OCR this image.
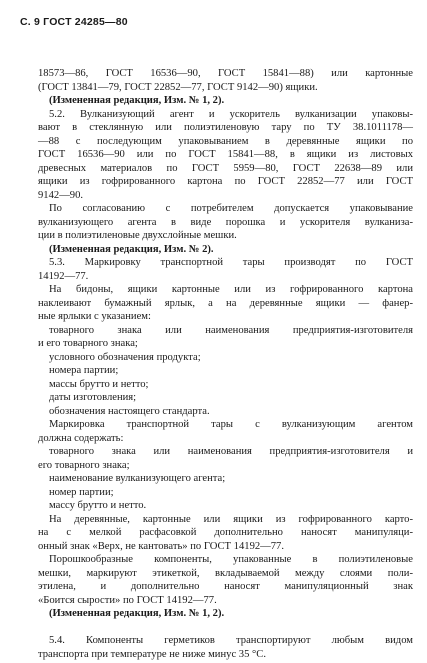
С. 9 ГОСТ 24285—80
18573—86, ГОСТ 16536—90, ГОСТ 15841—88) или картонные
(ГОСТ 13841—79, ГОСТ 22852—77, ГОСТ 9142—90) ящики.
(Измененная редакция, Изм. № 1, 2).
5.2. Вулканизующий агент и ускоритель вулканизации упаковы-
вают в стеклянную или полиэтиленовую тару по ТУ 38.1011178—
—88 с последующим упаковыванием в деревянные ящики по
ГОСТ 16536—90 или по ГОСТ 15841—88, в ящики из листовых
древесных материалов по ГОСТ 5959—80, ГОСТ 22638—89 или
ящики из гофрированного картона по ГОСТ 22852—77 или ГОСТ
9142—90.
По согласованию с потребителем допускается упаковывание
вулканизующего агента в виде порошка и ускорителя вулканиза-
ции в полиэтиленовые двухслойные мешки.
(Измененная редакция, Изм. № 2).
5.3. Маркировку транспортной тары производят по ГОСТ
14192—77.
На бидоны, ящики картонные или из гофрированного картона
наклеивают бумажный ярлык, а на деревянные ящики — фанер-
ные ярлыки с указанием:
товарного знака или наименования предприятия-изготовителя
и его товарного знака;
условного обозначения продукта;
номера партии;
массы брутто и нетто;
даты изготовления;
обозначения настоящего стандарта.
Маркировка транспортной тары с вулканизующим агентом
должна содержать:
товарного знака или наименования предприятия-изготовителя и
его товарного знака;
наименование вулканизующего агента;
номер партии;
массу брутто и нетто.
На деревянные, картонные или ящики из гофрированного карто-
на с мелкой расфасовкой дополнительно наносят манипуляци-
онный знак «Верх, не кантовать» по ГОСТ 14192—77.
Порошкообразные компоненты, упакованные в полиэтиленовые
мешки, маркируют этикеткой, вкладываемой между слоями поли-
этилена, и дополнительно наносят манипуляционный знак
«Боится сырости» по ГОСТ 14192—77.
(Измененная редакция, Изм. № 1, 2).
5.4. Компоненты герметиков транспортируют любым видом
транспорта при температуре не ниже минус 35 °С.
